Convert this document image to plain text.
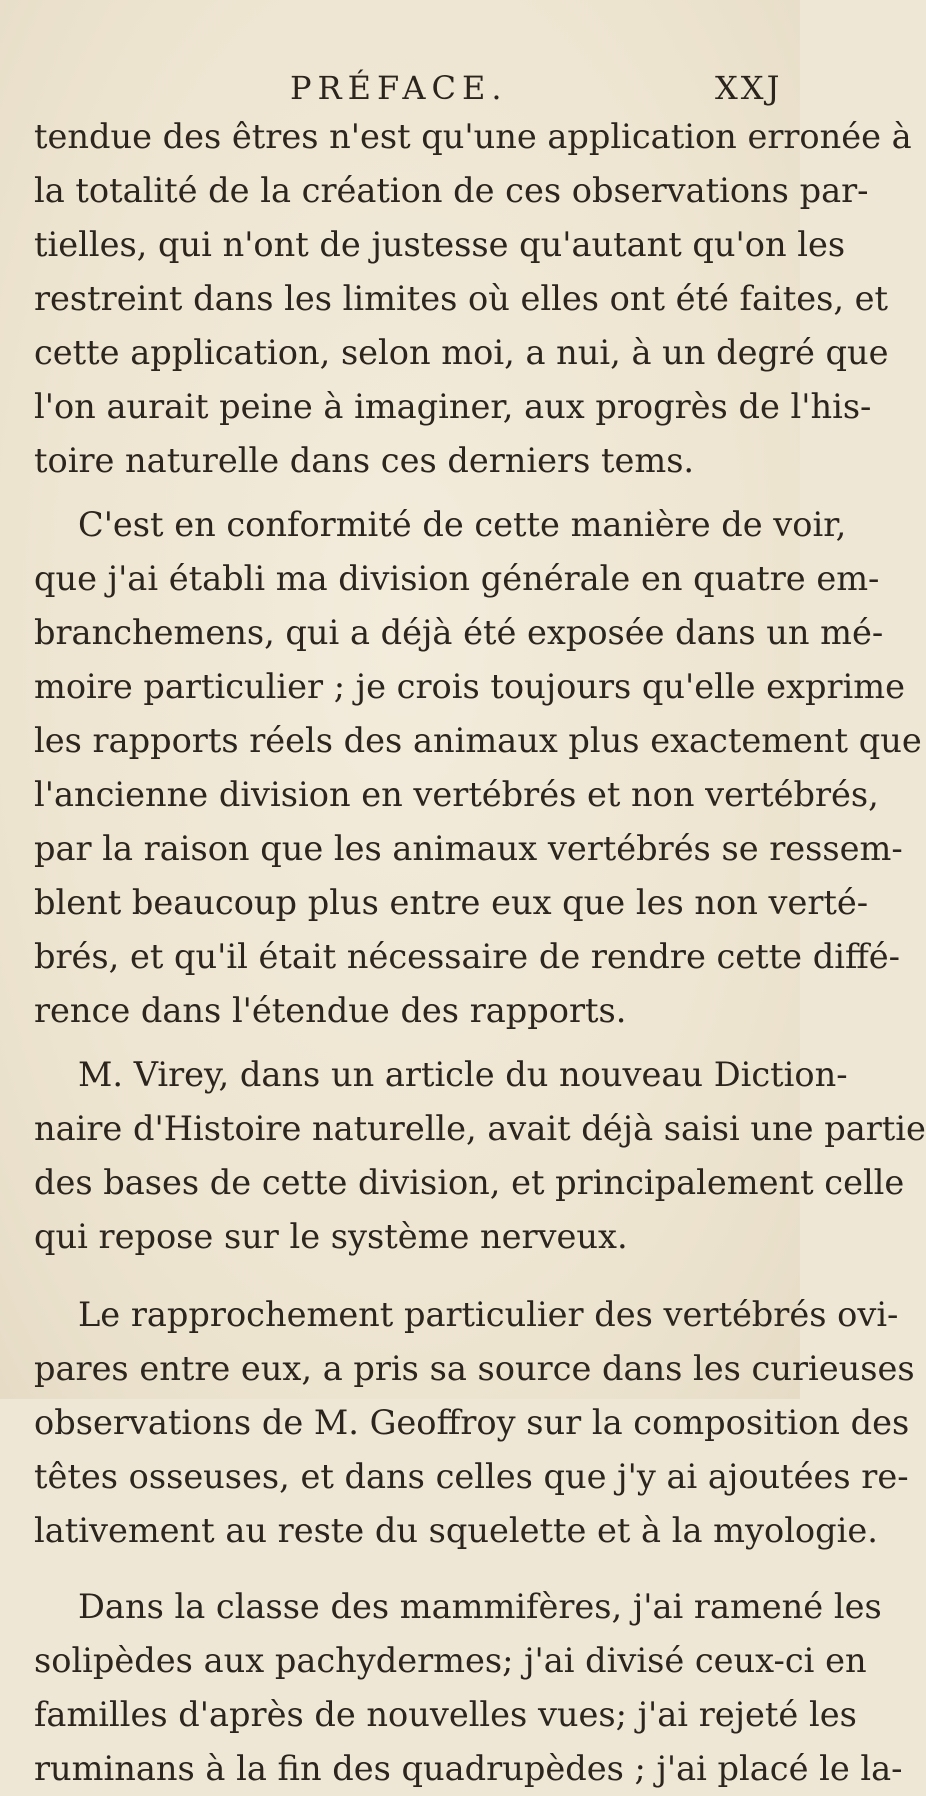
PRÉFACE.	XXJ
tendue des êtres n'est qu'une application erronée à
la totalité de la création de ces observations par-
tielles, qui n'ont de justesse qu'autant qu'on les
restreint dans les limites où elles ont été faites, et
cette application, selon moi, a nui, à un degré que
l'on aurait peine à imaginer, aux progrès de l'his-
toire naturelle dans ces derniers tems.
C'est en conformité de cette manière de voir,
que j'ai établi ma division générale en quatre em-
branchemens, qui a déjà été exposée dans un mé-
moire particulier ; je crois toujours qu'elle exprime
les rapports réels des animaux plus exactement que
l'ancienne division en vertébrés et non vertébrés,
par la raison que les animaux vertébrés se ressem-
blent beaucoup plus entre eux que les non verté-
brés, et qu'il était nécessaire de rendre cette diffé-
rence dans l'étendue des rapports.
M. Virey, dans un article du nouveau Diction-
naire d'Histoire naturelle, avait déjà saisi une partie
des bases de cette division, et principalement celle
qui repose sur le système nerveux.
Le rapprochement particulier des vertébrés ovi-
pares entre eux, a pris sa source dans les curieuses
observations de M. Geoffroy sur la composition des
têtes osseuses, et dans celles que j'y ai ajoutées re-
lativement au reste du squelette et à la myologie.
Dans la classe des mammifères, j'ai ramené les
solipèdes aux pachydermes; j'ai divisé ceux-ci en
familles d'après de nouvelles vues; j'ai rejeté les
ruminans à la fin des quadrupèdes ; j'ai placé le la-
